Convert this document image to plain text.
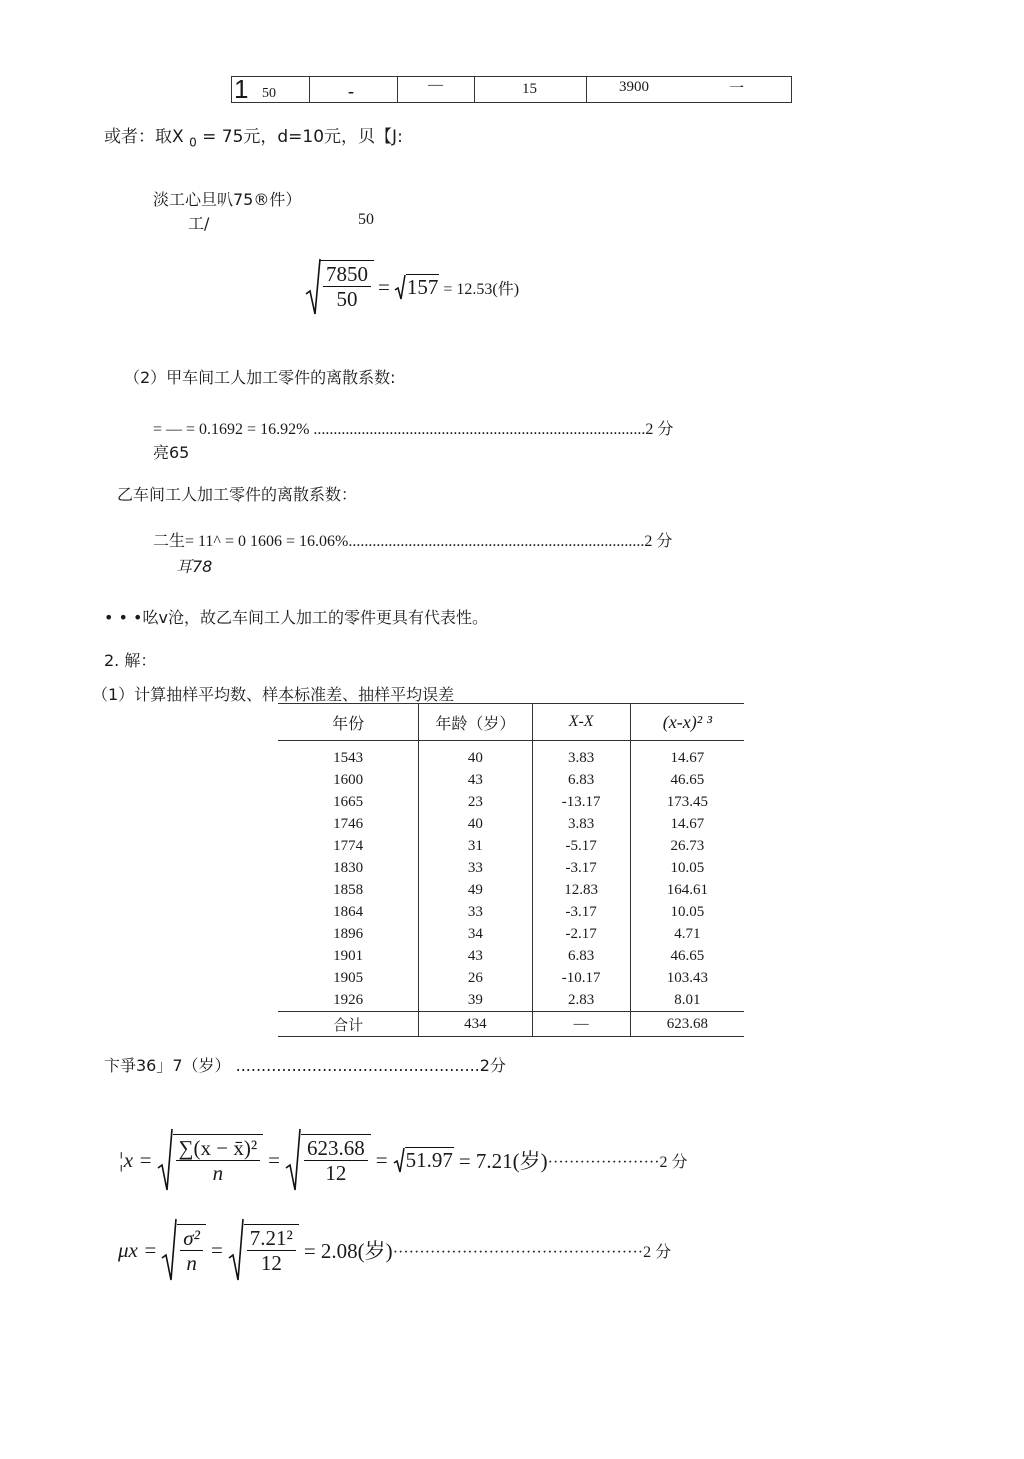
1 50	-	—	15	3900	一
或者：取X $_0$ = 75元，d=10元，贝【J:
淡工心旦叭75®件）
工/	50
$\frac{7850}{50} = 157 = 12.53$(件)
（2）甲车间工人加工零件的离散系数:
= — = 0.1692 = 16.92% ...................................................................................2 分
亮65
乙车间工人加工零件的离散系数：
二生= 11^ = 0 1606 = 16.06%..........................................................................2 分
耳78
• • •吆v沧，故乙车间工人加工的零件更具有代表性。
2. 解：
（1）计算抽样平均数、样本标准差、抽样平均误差
年份	年龄（岁）	X-X	(x-x)² ³
1543	40	3.83	14.67
1600	43	6.83	46.65
1665	23	-13.17	173.45
1746	40	3.83	14.67
1774	31	-5.17	26.73
1830	33	-3.17	10.05
1858	49	12.83	164.61
1864	33	-3.17	10.05
1896	34	-2.17	4.71
1901	43	6.83	46.65
1905	26	-10.17	103.43
1926	39	2.83	8.01
合计	434	—	623.68
卞爭36」7（岁） ................................................2分
¦x = $\frac{\text{∑(x − x̄)²}}{n} = \frac{623.68}{12} = 51.97 = 7.21$(岁) ·····················2 分
$\mu x = \frac{\text{σ²}}{n} = \frac{\text{7.21²}}{12} = 2.08$(岁) ···············································2 分
